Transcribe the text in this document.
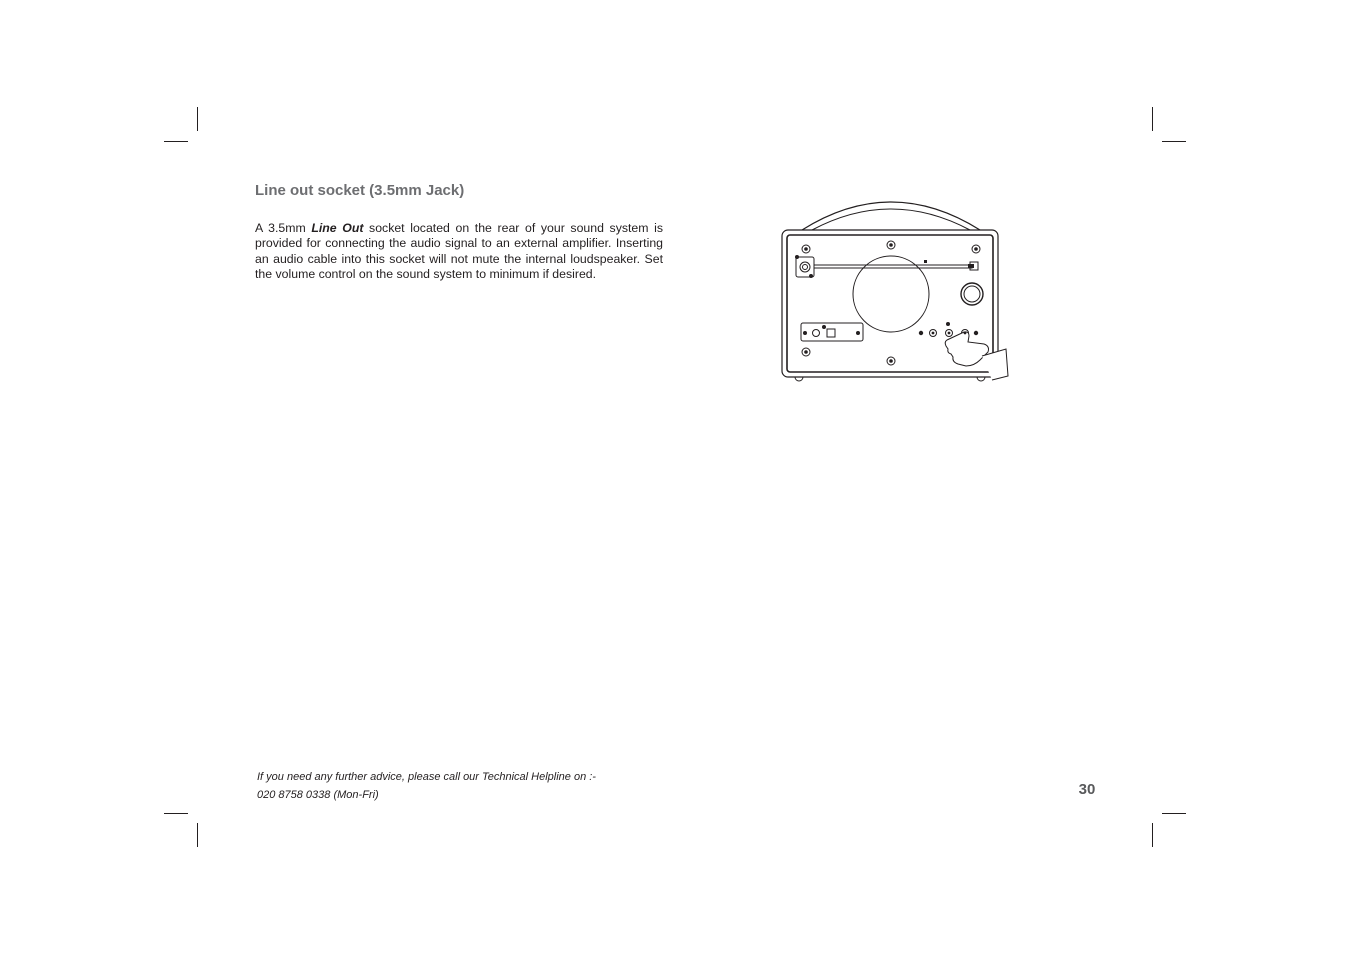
Line out socket (3.5mm Jack)

A 3.5mm Line Out socket located on the rear of your sound system is provided for connecting the audio signal to an external amplifier. Inserting an audio cable into this socket will not mute the internal loudspeaker. Set the volume control on the sound system to minimum if desired.

If you need any further advice, please call our Technical Helpline on :-
020 8758 0338 (Mon-Fri)	30
